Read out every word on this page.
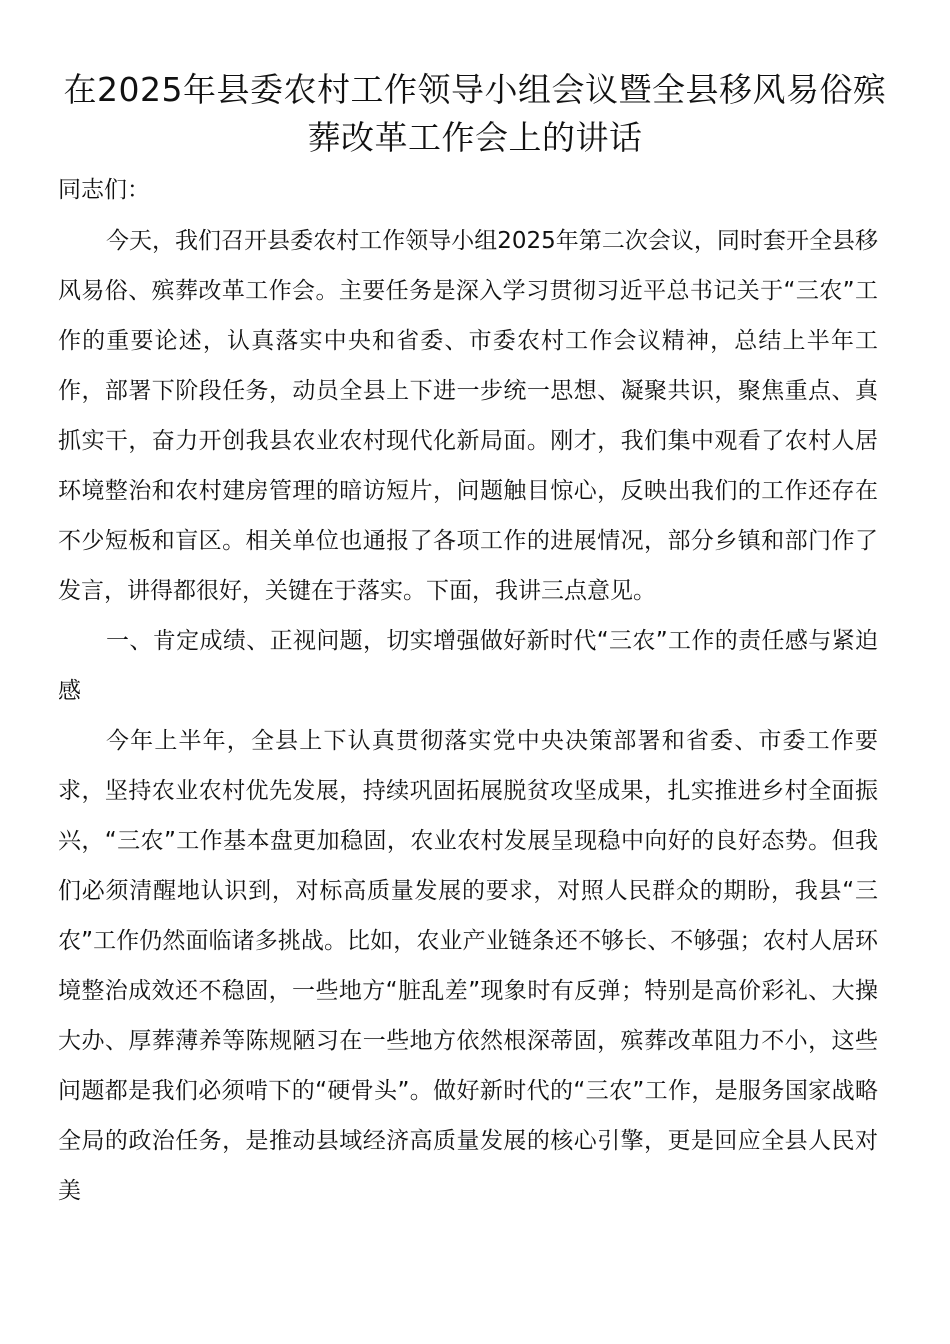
在2025年县委农村工作领导小组会议暨全县移风易俗殡葬改革工作会上的讲话
同志们：

今天，我们召开县委农村工作领导小组2025年第二次会议，同时套开全县移风易俗、殡葬改革工作会。主要任务是深入学习贯彻习近平总书记关于“三农”工作的重要论述，认真落实中央和省委、市委农村工作会议精神，总结上半年工作，部署下阶段任务，动员全县上下进一步统一思想、凝聚共识，聚焦重点、真抓实干，奋力开创我县农业农村现代化新局面。刚才，我们集中观看了农村人居环境整治和农村建房管理的暗访短片，问题触目惊心，反映出我们的工作还存在不少短板和盲区。相关单位也通报了各项工作的进展情况，部分乡镇和部门作了发言，讲得都很好，关键在于落实。下面，我讲三点意见。

一、肯定成绩、正视问题，切实增强做好新时代“三农”工作的责任感与紧迫感

今年上半年，全县上下认真贯彻落实党中央决策部署和省委、市委工作要求，坚持农业农村优先发展，持续巩固拓展脱贫攻坚成果，扎实推进乡村全面振兴，“三农”工作基本盘更加稳固，农业农村发展呈现稳中向好的良好态势。但我们必须清醒地认识到，对标高质量发展的要求，对照人民群众的期盼，我县“三农”工作仍然面临诸多挑战。比如，农业产业链条还不够长、不够强；农村人居环境整治成效还不稳固，一些地方“脏乱差”现象时有反弹；特别是高价彩礼、大操大办、厚葬薄养等陈规陋习在一些地方依然根深蒂固，殡葬改革阻力不小，这些问题都是我们必须啃下的“硬骨头”。做好新时代的“三农”工作，是服务国家战略全局的政治任务，是推动县域经济高质量发展的核心引擎，更是回应全县人民对美
